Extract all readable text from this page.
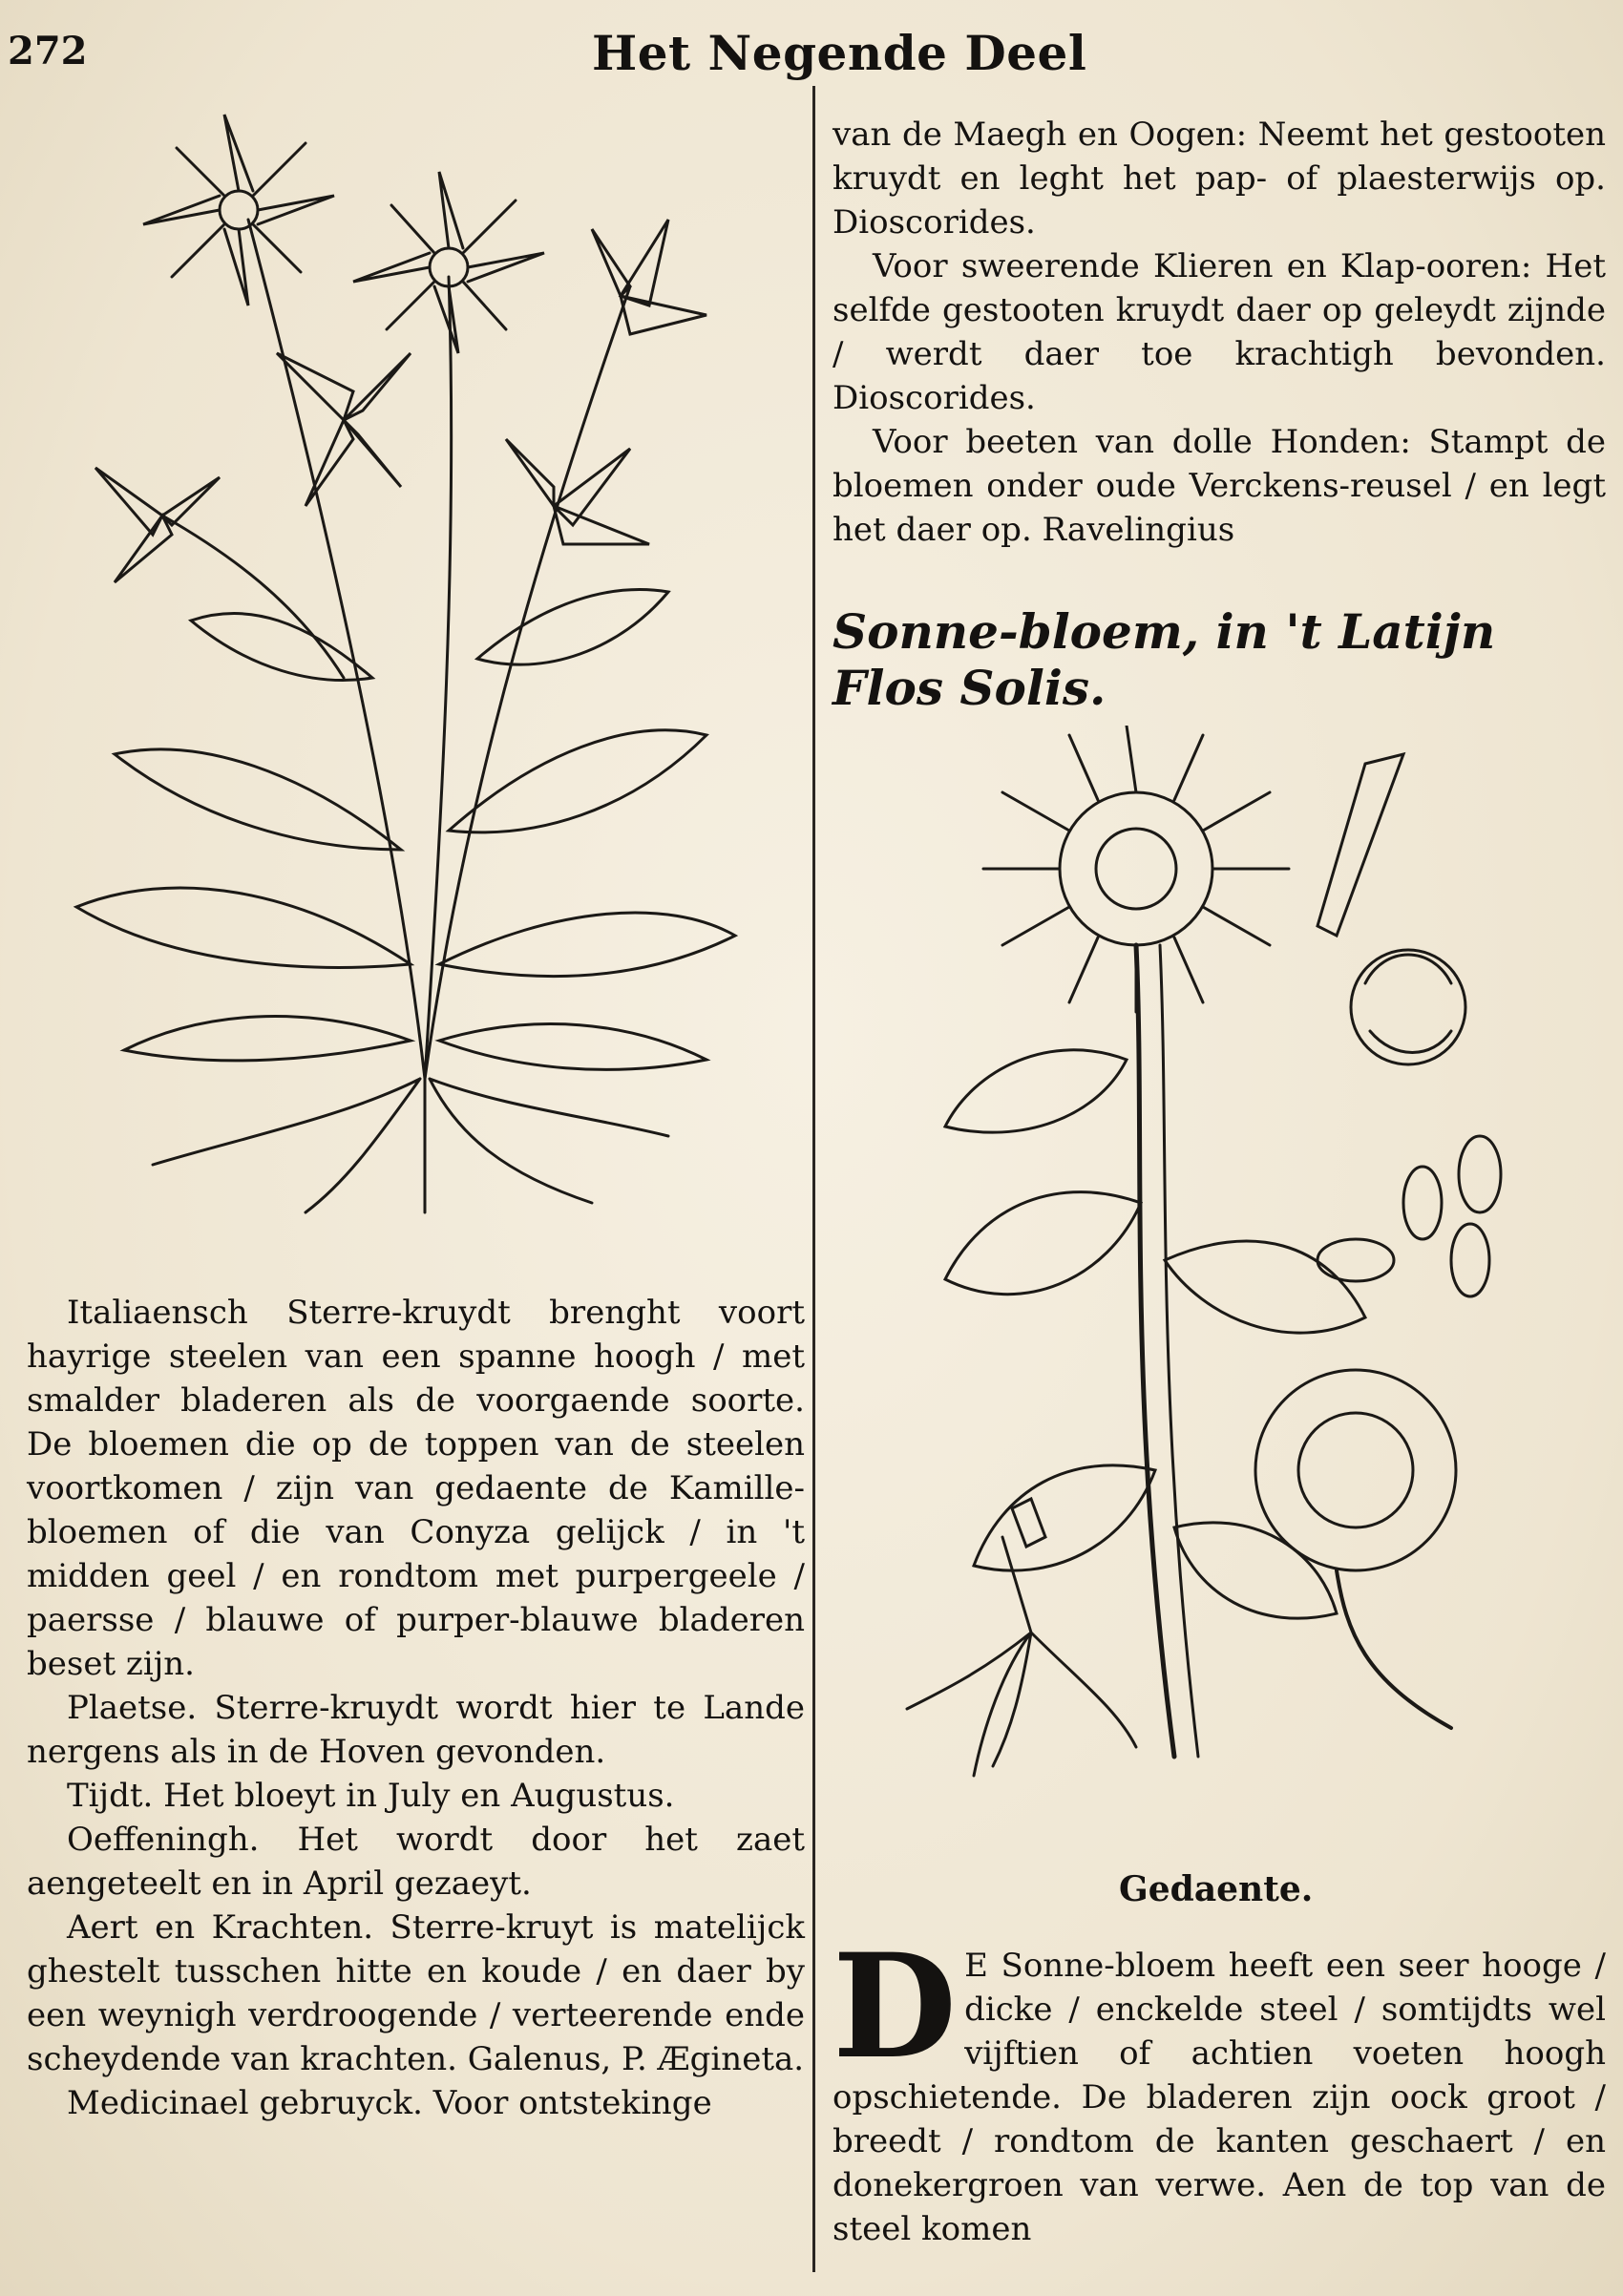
272	Het Negende Deel

Italiaensch Sterre-kruydt brenght voort hayrige steelen van een spanne hoogh / met smalder bladeren als de voorgaende soorte. De bloemen die op de toppen van de steelen voortkomen / zijn van gedaente de Kamille-bloemen of die van Conyza gelijck / in 't midden geel / en rondtom met purpergeele / paersse / blauwe of purper-blauwe bladeren beset zijn.

Plaetse. Sterre-kruydt wordt hier te Lande nergens als in de Hoven gevonden.

Tijdt. Het bloeyt in July en Augustus.

Oeffeningh. Het wordt door het zaet aengeteelt en in April gezaeyt.

Aert en Krachten. Sterre-kruyt is matelijck ghestelt tusschen hitte en koude / en daer by een weynigh verdroogende / verteerende ende scheydende van krachten. Galenus, P. Ægineta.

Medicinael gebruyck. Voor ontstekinge

van de Maegh en Oogen: Neemt het gestooten kruydt en leght het pap- of plaesterwijs op. Dioscorides.

Voor sweerende Klieren en Klap-ooren: Het selfde gestooten kruydt daer op geleydt zijnde / werdt daer toe krachtigh bevonden. Dioscorides.

Voor beeten van dolle Honden: Stampt de bloemen onder oude Verckens-reusel / en legt het daer op. Ravelingius

Sonne-bloem, in 't Latijn Flos Solis.
Gedaente.
D E Sonne-bloem heeft een seer hooge / dicke / enckelde steel / somtijdts wel vijftien of achtien voeten hoogh opschietende. De bladeren zijn oock groot / breedt / rondtom de kanten geschaert / en donekergroen van verwe. Aen de top van de steel komen
